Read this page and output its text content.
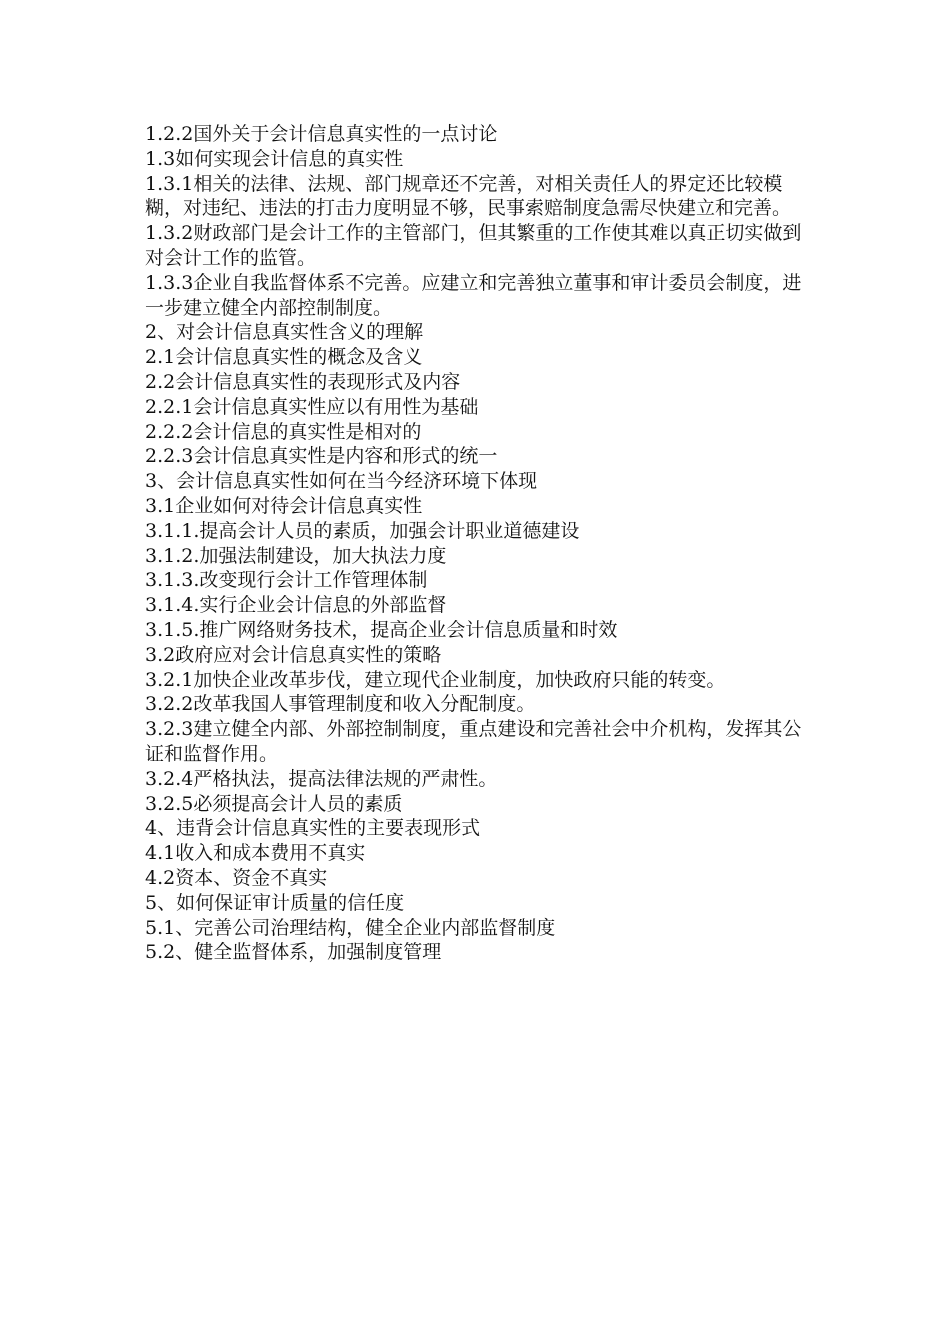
1.2.2国外关于会计信息真实性的一点讨论

1.3如何实现会计信息的真实性

1.3.1相关的法律、法规、部门规章还不完善，对相关责任人的界定还比较模糊，对违纪、违法的打击力度明显不够，民事索赔制度急需尽快建立和完善。

1.3.2财政部门是会计工作的主管部门，但其繁重的工作使其难以真正切实做到对会计工作的监管。

1.3.3企业自我监督体系不完善。应建立和完善独立董事和审计委员会制度，进一步建立健全内部控制制度。

2、对会计信息真实性含义的理解

2.1会计信息真实性的概念及含义

2.2会计信息真实性的表现形式及内容

2.2.1会计信息真实性应以有用性为基础

2.2.2会计信息的真实性是相对的

2.2.3会计信息真实性是内容和形式的统一

3、会计信息真实性如何在当今经济环境下体现

3.1企业如何对待会计信息真实性

3.1.1.提高会计人员的素质，加强会计职业道德建设

3.1.2.加强法制建设，加大执法力度

3.1.3.改变现行会计工作管理体制

3.1.4.实行企业会计信息的外部监督

3.1.5.推广网络财务技术，提高企业会计信息质量和时效

3.2政府应对会计信息真实性的策略

3.2.1加快企业改革步伐，建立现代企业制度，加快政府只能的转变。

3.2.2改革我国人事管理制度和收入分配制度。

3.2.3建立健全内部、外部控制制度，重点建设和完善社会中介机构，发挥其公证和监督作用。

3.2.4严格执法，提高法律法规的严肃性。

3.2.5必须提高会计人员的素质

4、违背会计信息真实性的主要表现形式

4.1收入和成本费用不真实

4.2资本、资金不真实

5、如何保证审计质量的信任度

5.1、完善公司治理结构，健全企业内部监督制度

5.2、健全监督体系，加强制度管理
